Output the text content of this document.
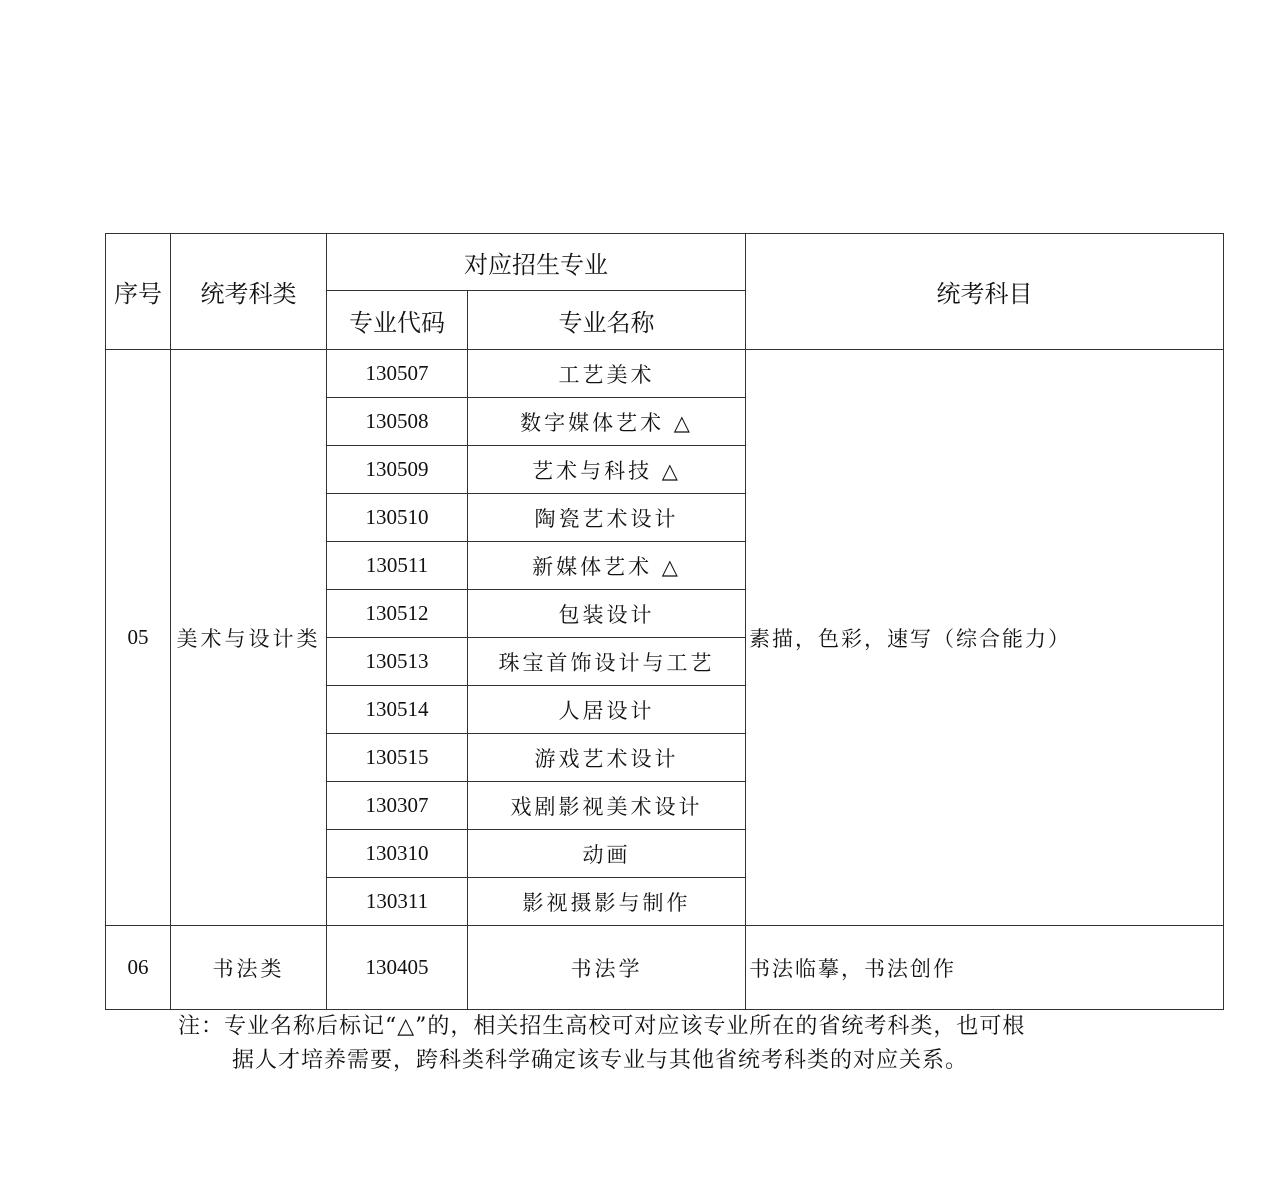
序号	统考科类	对应招生专业		统考科目
		专业代码	专业名称	
05	美术与设计类	130507	工艺美术	素描，色彩，速写（综合能力）
		130508	数字媒体艺术 △	
		130509	艺术与科技 △	
		130510	陶瓷艺术设计	
		130511	新媒体艺术 △	
		130512	包装设计	
		130513	珠宝首饰设计与工艺	
		130514	人居设计	
		130515	游戏艺术设计	
		130307	戏剧影视美术设计	
		130310	动画	
		130311	影视摄影与制作	
06	书法类	130405	书法学	书法临摹，书法创作
注：专业名称后标记“△”的，相关招生高校可对应该专业所在的省统考科类，也可根
据人才培养需要，跨科类科学确定该专业与其他省统考科类的对应关系。
